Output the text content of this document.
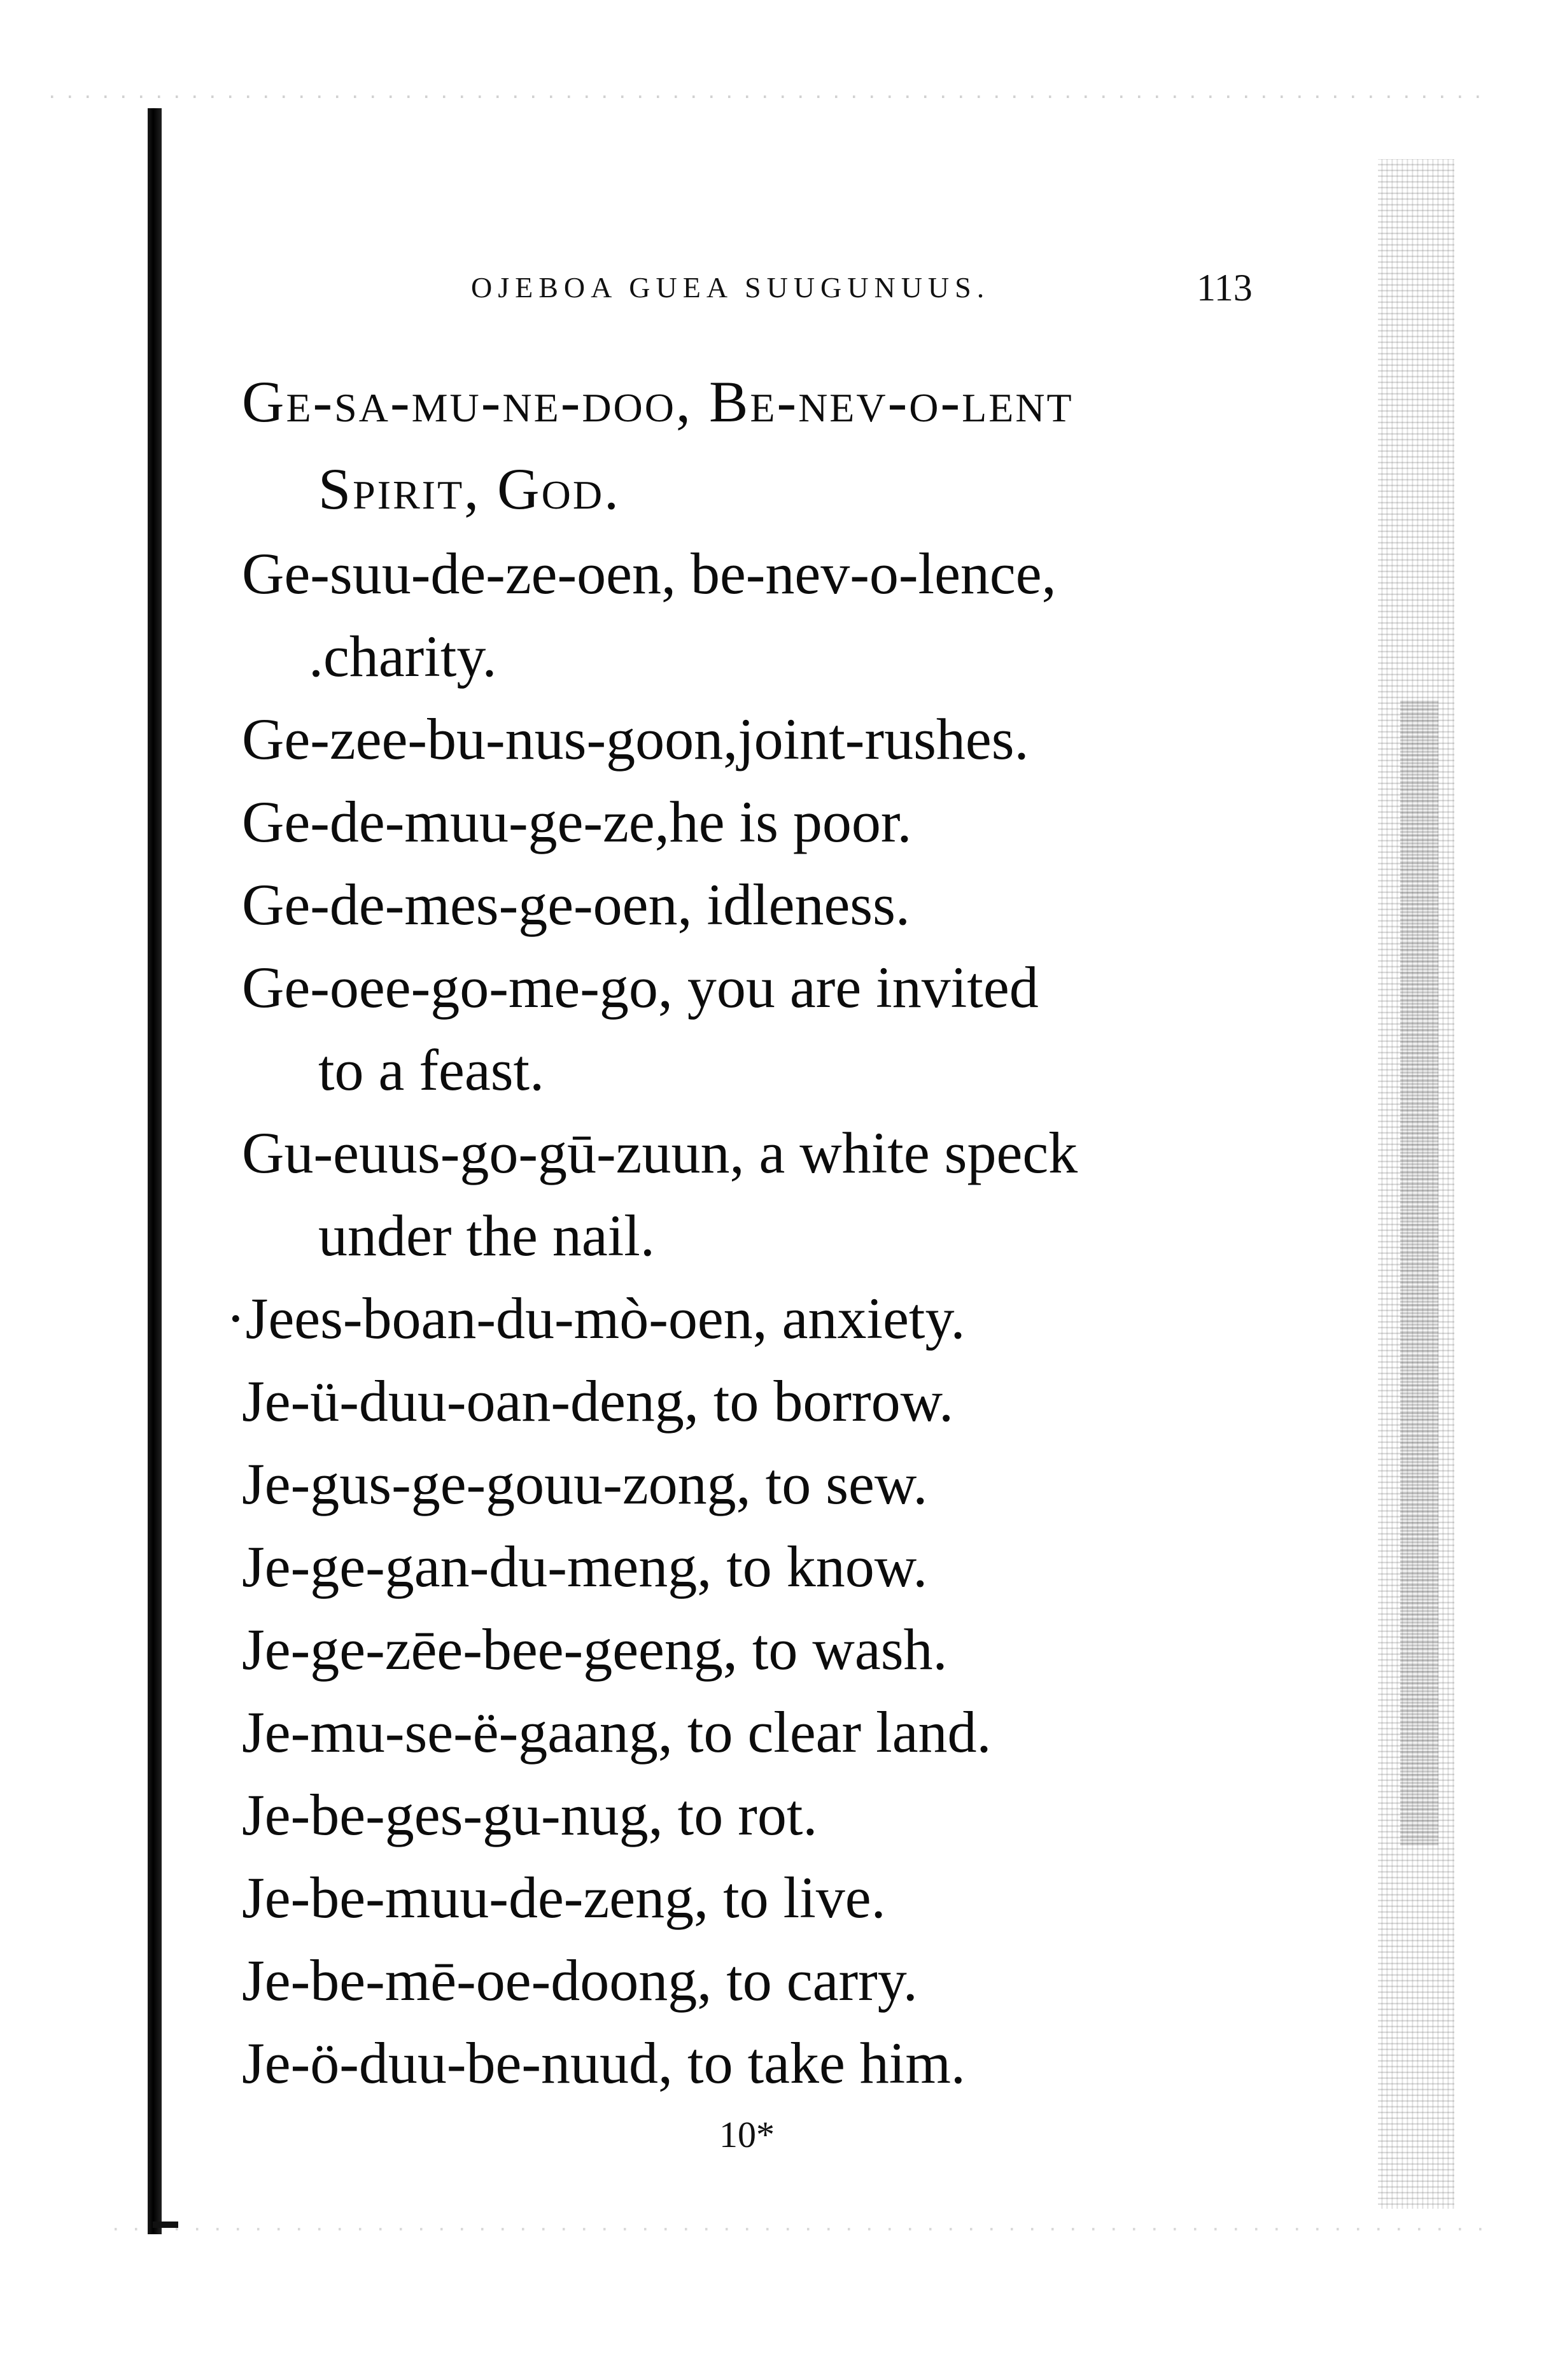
OJEBOA GUEA SUUGUNUUS.	113
Ge-sa-mu-ne-doo, Be-nev-o-lent
Spirit, God.
Ge-suu-de-ze-oen, be-nev-o-lence,
.charity.
Ge-zee-bu-nus-goon,joint-rushes.
Ge-de-muu-ge-ze,he is poor.
Ge-de-mes-ge-oen, idleness.
Ge-oee-go-me-go, you are invited
to a feast.
Gu-euus-go-gū-zuun, a white speck
under the nail.
·Jees-boan-du-mò-oen, anxiety.
Je-ü-duu-oan-deng, to borrow.
Je-gus-ge-gouu-zong, to sew.
Je-ge-gan-du-meng, to know.
Je-ge-zēe-bee-geeng, to wash.
Je-mu-se-ë-gaang, to clear land.
Je-be-ges-gu-nug, to rot.
Je-be-muu-de-zeng, to live.
Je-be-mē-oe-doong, to carry.
Je-ö-duu-be-nuud, to take him.
10*
